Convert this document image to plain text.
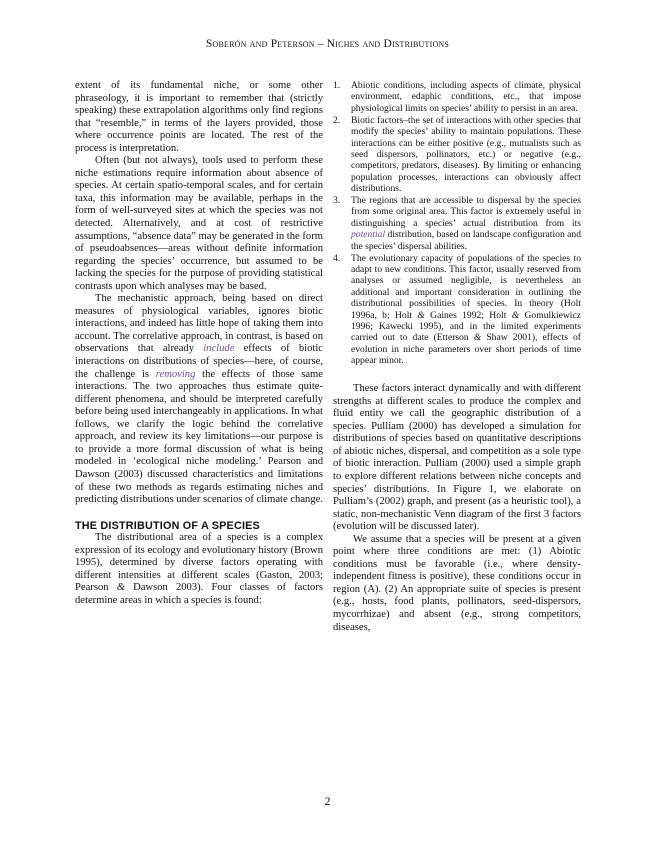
Soberón and Peterson – Niches and Distributions

extent of its fundamental niche, or some other phraseology, it is important to remember that (strictly speaking) these extrapolation algorithms only find regions that “resemble,” in terms of the layers provided, those where occurrence points are located. The rest of the process is interpretation.

Often (but not always), tools used to perform these niche estimations require information about absence of species. At certain spatio-temporal scales, and for certain taxa, this information may be available, perhaps in the form of well-surveyed sites at which the species was not detected. Alternatively, and at cost of restrictive assumptions, “absence data” may be generated in the form of pseudoabsences—areas without definite information regarding the species’ occurrence, but assumed to be lacking the species for the purpose of providing statistical contrasts upon which analyses may be based.

The mechanistic approach, being based on direct measures of physiological variables, ignores biotic interactions, and indeed has little hope of taking them into account. The correlative approach, in contrast, is based on observations that already include effects of biotic interactions on distributions of species—here, of course, the challenge is removing the effects of those same interactions. The two approaches thus estimate quite-different phenomena, and should be interpreted carefully before being used interchangeably in applications. In what follows, we clarify the logic behind the correlative approach, and review its key limitations—our purpose is to provide a more formal discussion of what is being modeled in ‘ecological niche modeling.’ Pearson and Dawson (2003) discussed characteristics and limitations of these two methods as regards estimating niches and predicting distributions under scenarios of climate change.

THE DISTRIBUTION OF A SPECIES

The distributional area of a species is a complex expression of its ecology and evolutionary history (Brown 1995), determined by diverse factors operating with different intensities at different scales (Gaston, 2003; Pearson & Dawson 2003). Four classes of factors determine areas in which a species is found:

1. Abiotic conditions, including aspects of climate, physical environment, edaphic conditions, etc., that impose physiological limits on species’ ability to persist in an area.
2. Biotic factors–the set of interactions with other species that modify the species’ ability to maintain populations. These interactions can be either positive (e.g., mutualists such as seed dispersors, pollinators, etc.) or negative (e.g., competitors, predators, diseases). By limiting or enhancing population processes, interactions can obviously affect distributions.
3. The regions that are accessible to dispersal by the species from some original area. This factor is extremely useful in distinguishing a species’ actual distribution from its potential distribution, based on landscape configuration and the species’ dispersal abilities.
4. The evolutionary capacity of populations of the species to adapt to new conditions. This factor, usually reserved from analyses or assumed negligible, is nevertheless an additional and important consideration in outlining the distributional possibilities of species. In theory (Holt 1996a, b; Holt & Gaines 1992; Holt & Gomulkiewicz 1996; Kawecki 1995), and in the limited experiments carried out to date (Etterson & Shaw 2001), effects of evolution in niche parameters over short periods of time appear minor.

These factors interact dynamically and with different strengths at different scales to produce the complex and fluid entity we call the geographic distribution of a species. Pulliam (2000) has developed a simulation for distributions of species based on quantitative descriptions of abiotic niches, dispersal, and competition as a sole type of biotic interaction. Pulliam (2000) used a simple graph to explore different relations between niche concepts and species’ distributions. In Figure 1, we elaborate on Pulliam’s (2002) graph, and present (as a heuristic tool), a static, non-mechanistic Venn diagram of the first 3 factors (evolution will be discussed later).

We assume that a species will be present at a given point where three conditions are met: (1) Abiotic conditions must be favorable (i.e., where density-independent fitness is positive), these conditions occur in region (A). (2) An appropriate suite of species is present (e.g., hosts, food plants, pollinators, seed-dispersors, mycorrhizae) and absent (e.g., strong competitors, diseases,

2
